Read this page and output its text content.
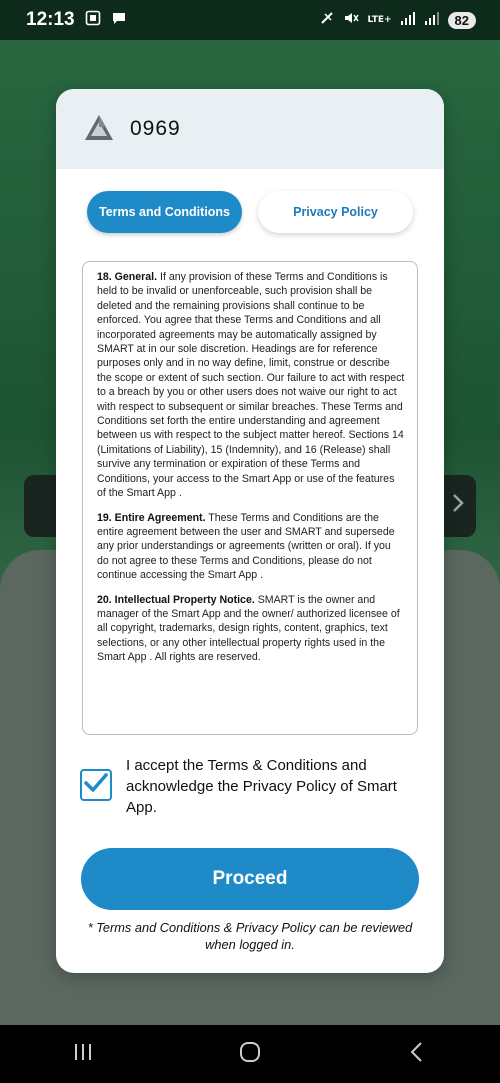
12:13	LTE+	82
0969
Terms and Conditions	Privacy Policy

18. General. If any provision of these Terms and Conditions is held to be invalid or unenforceable, such provision shall be deleted and the remaining provisions shall continue to be enforced. You agree that these Terms and Conditions and all incorporated agreements may be automatically assigned by SMART at in our sole discretion. Headings are for reference purposes only and in no way define, limit, construe or describe the scope or extent of such section. Our failure to act with respect to a breach by you or other users does not waive our right to act with respect to subsequent or similar breaches. These Terms and Conditions set forth the entire understanding and agreement between us with respect to the subject matter hereof. Sections 14 (Limitations of Liability), 15 (Indemnity), and 16 (Release) shall survive any termination or expiration of these Terms and Conditions, your access to the Smart App or use of the features of the Smart App .

19. Entire Agreement. These Terms and Conditions are the entire agreement between the user and SMART and supersede any prior understandings or agreements (written or oral). If you do not agree to these Terms and Conditions, please do not continue accessing the Smart App .

20. Intellectual Property Notice. SMART is the owner and manager of the Smart App and the owner/ authorized licensee of all copyright, trademarks, design rights, content, graphics, text selections, or any other intellectual property rights used in the Smart App . All rights are reserved.

I accept the Terms & Conditions and acknowledge the Privacy Policy of Smart App.
Proceed
* Terms and Conditions & Privacy Policy can be reviewed when logged in.
